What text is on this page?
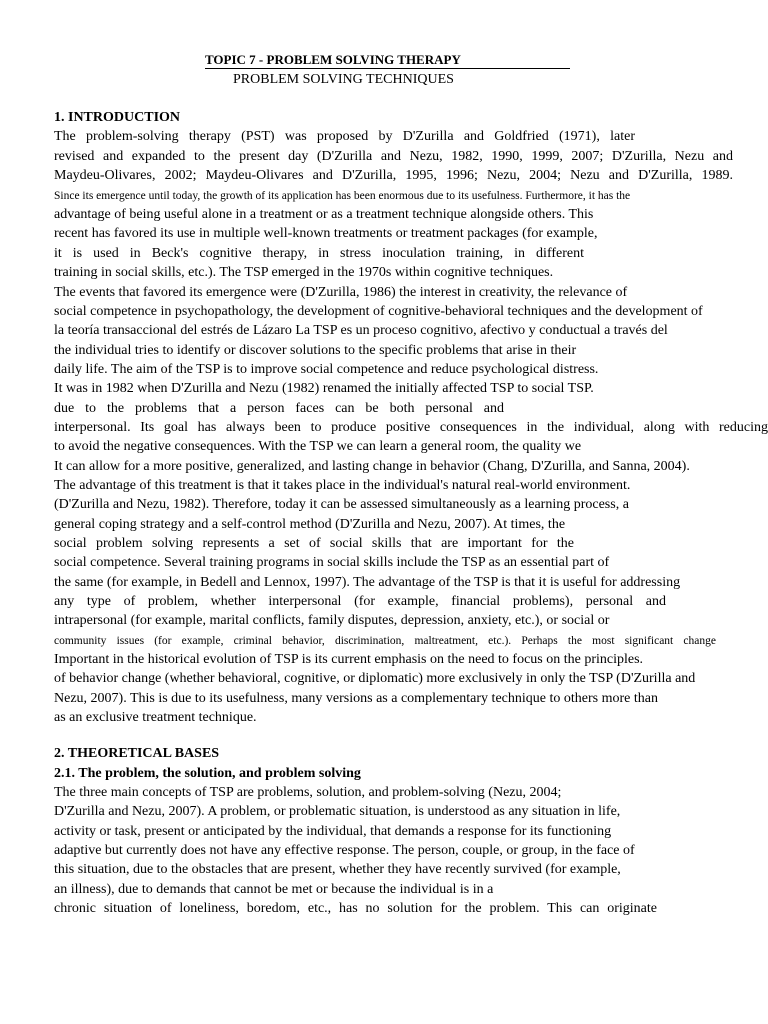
TOPIC 7 - PROBLEM SOLVING THERAPY
PROBLEM SOLVING TECHNIQUES
1. INTRODUCTION
The problem-solving therapy (PST) was proposed by D'Zurilla and Goldfried (1971), later
revised and expanded to the present day (D'Zurilla and Nezu, 1982, 1990, 1999, 2007; D'Zurilla, Nezu and
Maydeu-Olivares, 2002; Maydeu-Olivares and D'Zurilla, 1995, 1996; Nezu, 2004; Nezu and D'Zurilla, 1989.
Since its emergence until today, the growth of its application has been enormous due to its usefulness. Furthermore, it has the
advantage of being useful alone in a treatment or as a treatment technique alongside others. This
recent has favored its use in multiple well-known treatments or treatment packages (for example,
it is used in Beck's cognitive therapy, in stress inoculation training, in different
training in social skills, etc.). The TSP emerged in the 1970s within cognitive techniques.
The events that favored its emergence were (D'Zurilla, 1986) the interest in creativity, the relevance of
social competence in psychopathology, the development of cognitive-behavioral techniques and the development of
la teoría transaccional del estrés de Lázaro La TSP es un proceso cognitivo, afectivo y conductual a través del
the individual tries to identify or discover solutions to the specific problems that arise in their
daily life. The aim of the TSP is to improve social competence and reduce psychological distress.
It was in 1982 when D'Zurilla and Nezu (1982) renamed the initially affected TSP to social TSP.
due to the problems that a person faces can be both personal and
interpersonal. Its goal has always been to produce positive consequences in the individual, along with reducing
to avoid the negative consequences. With the TSP we can learn a general room, the quality we
It can allow for a more positive, generalized, and lasting change in behavior (Chang, D'Zurilla, and Sanna, 2004).
The advantage of this treatment is that it takes place in the individual's natural real-world environment.
(D'Zurilla and Nezu, 1982). Therefore, today it can be assessed simultaneously as a learning process, a
general coping strategy and a self-control method (D'Zurilla and Nezu, 2007). At times, the
social problem solving represents a set of social skills that are important for the
social competence. Several training programs in social skills include the TSP as an essential part of
the same (for example, in Bedell and Lennox, 1997). The advantage of the TSP is that it is useful for addressing
any type of problem, whether interpersonal (for example, financial problems), personal and
intrapersonal (for example, marital conflicts, family disputes, depression, anxiety, etc.), or social or
community issues (for example, criminal behavior, discrimination, maltreatment, etc.). Perhaps the most significant change
Important in the historical evolution of TSP is its current emphasis on the need to focus on the principles.
of behavior change (whether behavioral, cognitive, or diplomatic) more exclusively in only the TSP (D'Zurilla and
Nezu, 2007). This is due to its usefulness, many versions as a complementary technique to others more than
as an exclusive treatment technique.
2. THEORETICAL BASES
2.1. The problem, the solution, and problem solving
The three main concepts of TSP are problems, solution, and problem-solving (Nezu, 2004;
D'Zurilla and Nezu, 2007). A problem, or problematic situation, is understood as any situation in life,
activity or task, present or anticipated by the individual, that demands a response for its functioning
adaptive but currently does not have any effective response. The person, couple, or group, in the face of
this situation, due to the obstacles that are present, whether they have recently survived (for example,
an illness), due to demands that cannot be met or because the individual is in a
chronic situation of loneliness, boredom, etc., has no solution for the problem. This can originate
